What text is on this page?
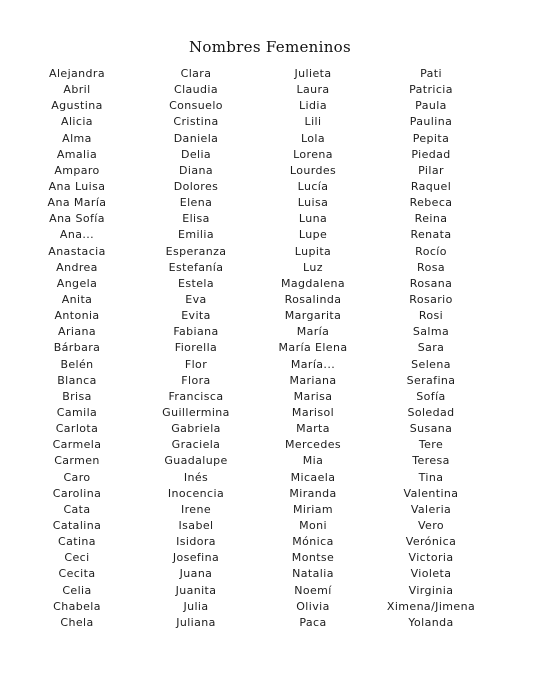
Nombres Femeninos
Alejandra
Abril
Agustina
Alicia
Alma
Amalia
Amparo
Ana Luisa
Ana María
Ana Sofía
Ana...
Anastacia
Andrea
Angela
Anita
Antonia
Ariana
Bárbara
Belén
Blanca
Brisa
Camila
Carlota
Carmela
Carmen
Caro
Carolina
Cata
Catalina
Catina
Ceci
Cecita
Celia
Chabela
Chela
Clara
Claudia
Consuelo
Cristina
Daniela
Delia
Diana
Dolores
Elena
Elisa
Emilia
Esperanza
Estefanía
Estela
Eva
Evita
Fabiana
Fiorella
Flor
Flora
Francisca
Guillermina
Gabriela
Graciela
Guadalupe
Inés
Inocencia
Irene
Isabel
Isidora
Josefina
Juana
Juanita
Julia
Juliana
Julieta
Laura
Lidia
Lili
Lola
Lorena
Lourdes
Lucía
Luisa
Luna
Lupe
Lupita
Luz
Magdalena
Rosalinda
Margarita
María
María Elena
María...
Mariana
Marisa
Marisol
Marta
Mercedes
Mia
Micaela
Miranda
Miriam
Moni
Mónica
Montse
Natalia
Noemí
Olivia
Paca
Pati
Patricia
Paula
Paulina
Pepita
Piedad
Pilar
Raquel
Rebeca
Reina
Renata
Rocío
Rosa
Rosana
Rosario
Rosi
Salma
Sara
Selena
Serafina
Sofía
Soledad
Susana
Tere
Teresa
Tina
Valentina
Valeria
Vero
Verónica
Victoria
Violeta
Virginia
Ximena/Jimena
Yolanda
